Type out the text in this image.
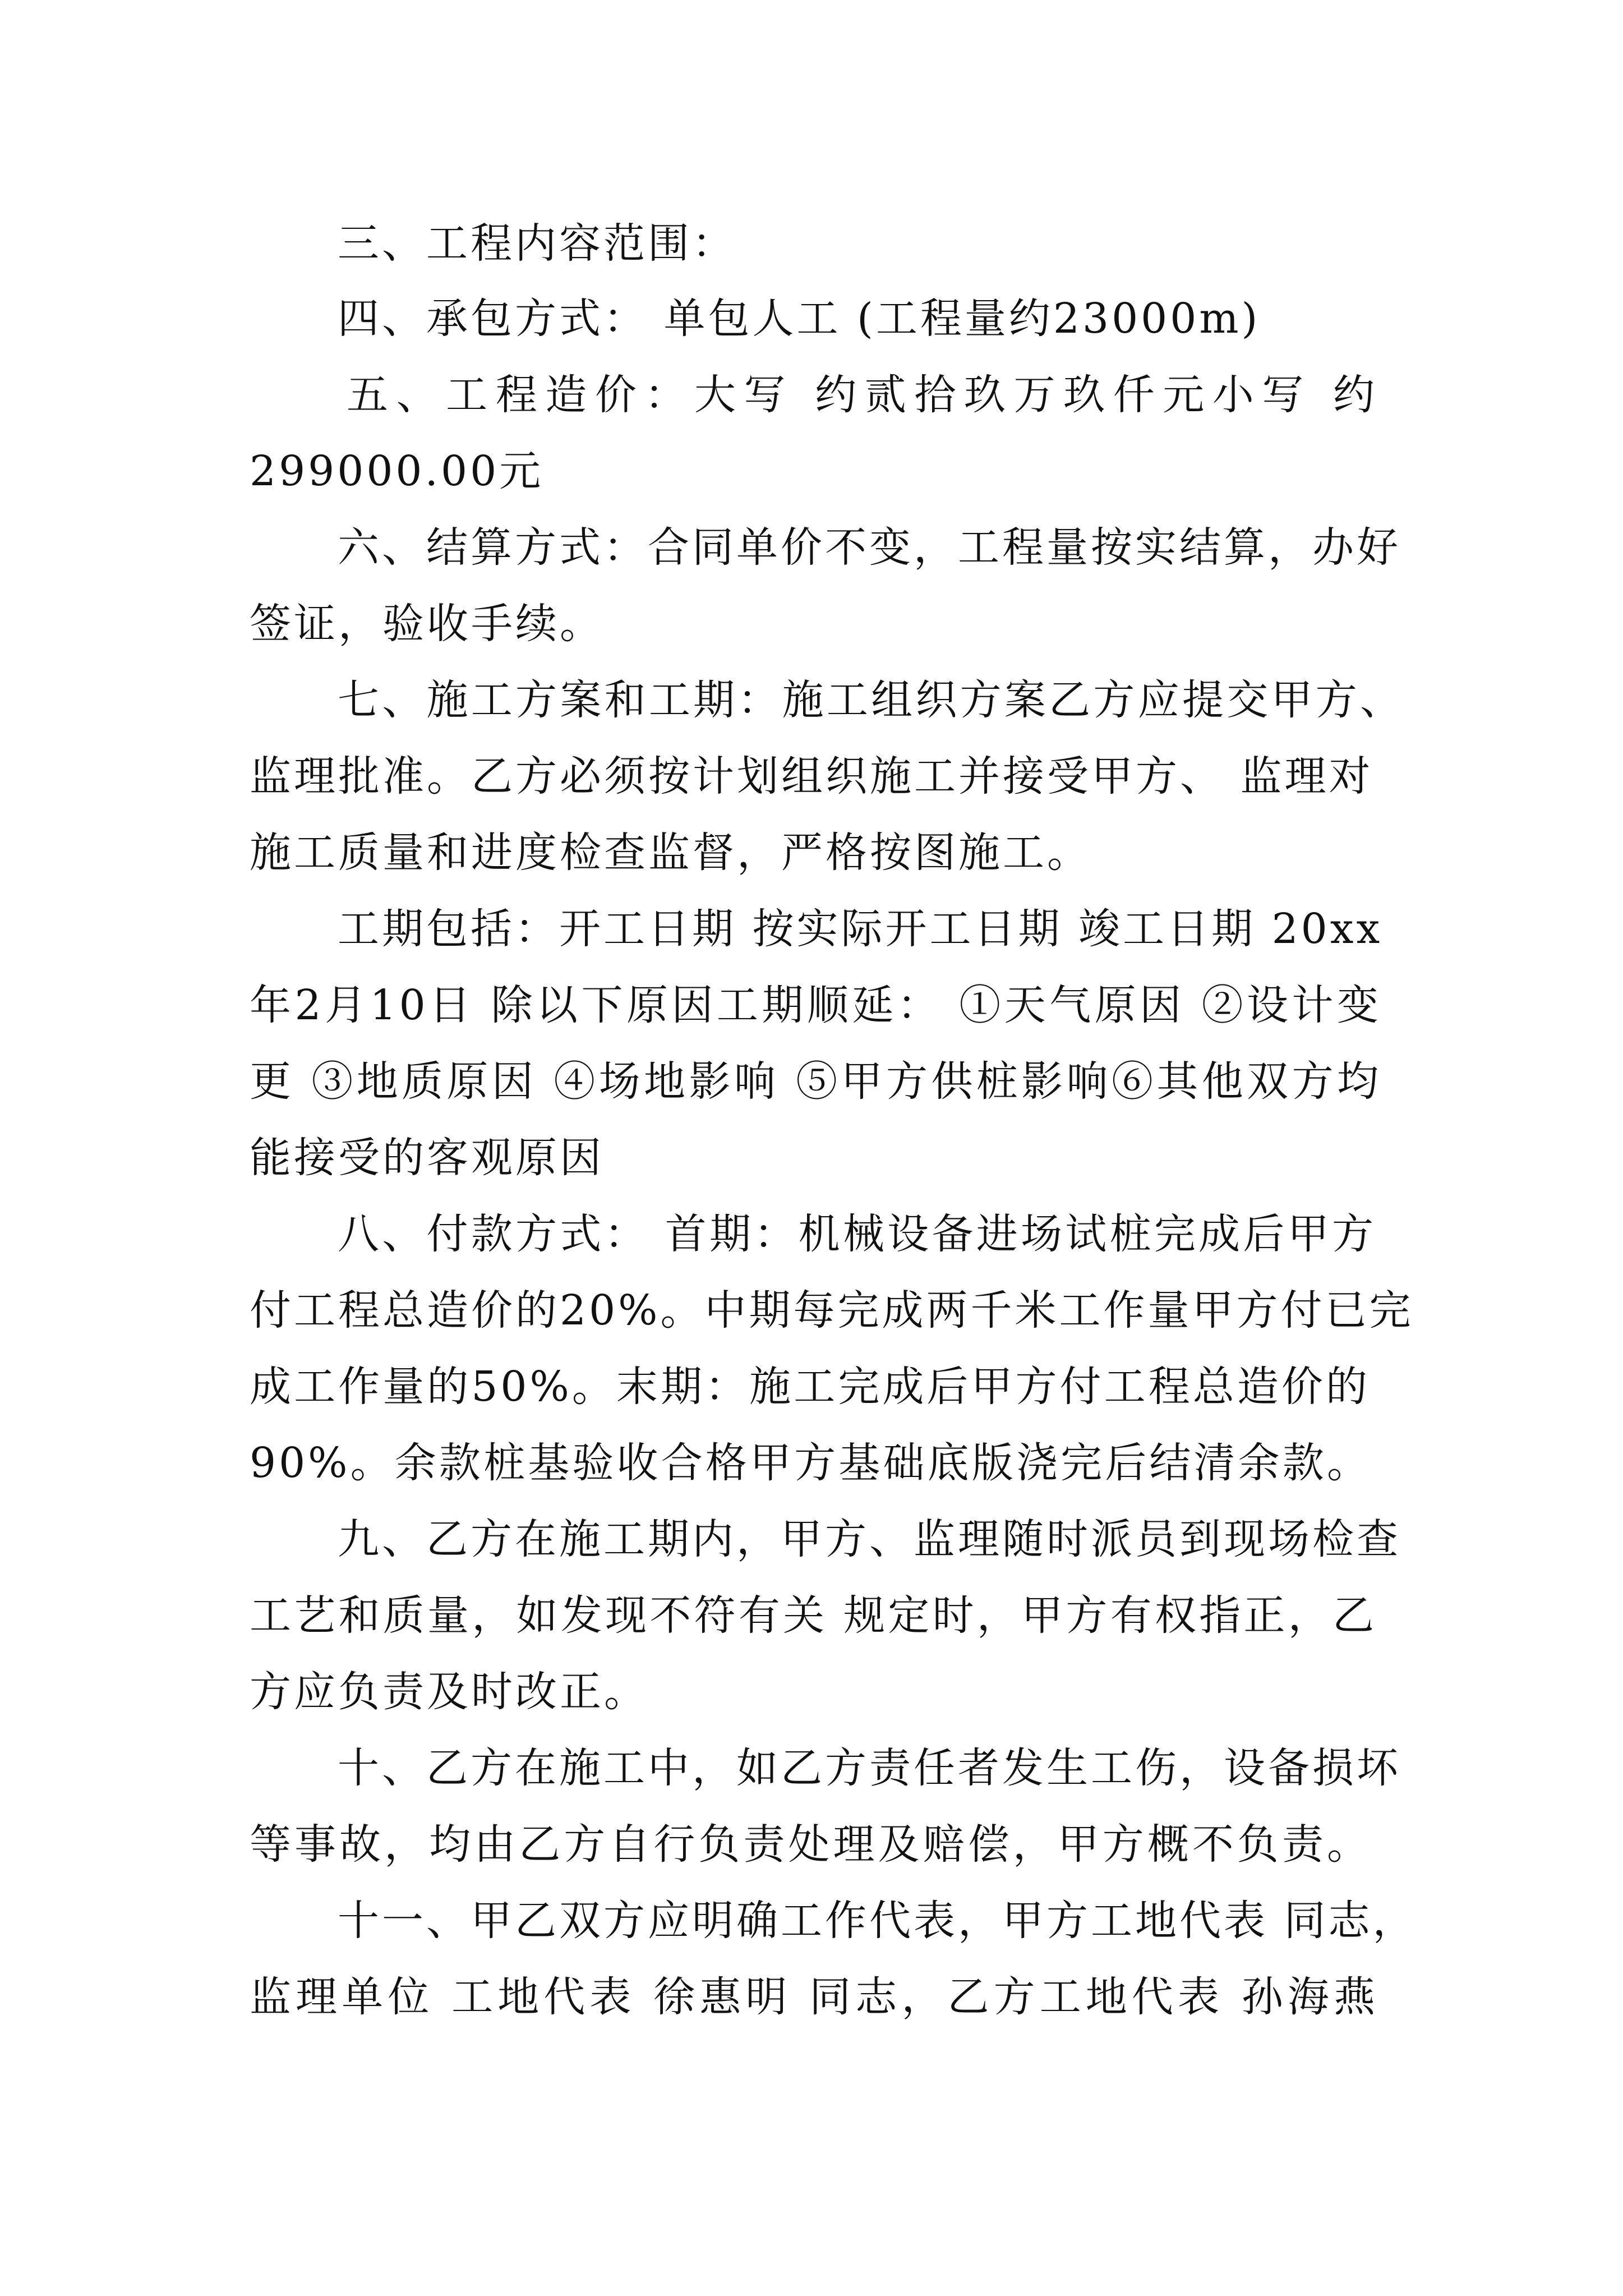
三、工程内容范围：

四、承包方式： 单包人工 (工程量约23000m)

五、工程造价：大写 约贰拾玖万玖仟元小写 约

299000.00元

六、结算方式：合同单价不变，工程量按实结算，办好

签证，验收手续。

七、施工方案和工期：施工组织方案乙方应提交甲方、

监理批准。乙方必须按计划组织施工并接受甲方、 监理对

施工质量和进度检查监督，严格按图施工。

工期包括：开工日期 按实际开工日期 竣工日期 20xx

年2月10日 除以下原因工期顺延： ①天气原因 ②设计变

更 ③地质原因 ④场地影响 ⑤甲方供桩影响⑥其他双方均

能接受的客观原因

八、付款方式： 首期：机械设备进场试桩完成后甲方

付工程总造价的20%。中期每完成两千米工作量甲方付已完

成工作量的50%。末期：施工完成后甲方付工程总造价的

90%。余款桩基验收合格甲方基础底版浇完后结清余款。

九、乙方在施工期内，甲方、监理随时派员到现场检查

工艺和质量，如发现不符有关 规定时，甲方有权指正，乙

方应负责及时改正。

十、乙方在施工中，如乙方责任者发生工伤，设备损坏

等事故，均由乙方自行负责处理及赔偿，甲方概不负责。

十一、甲乙双方应明确工作代表，甲方工地代表 同志，

监理单位 工地代表 徐惠明 同志，乙方工地代表 孙海燕
